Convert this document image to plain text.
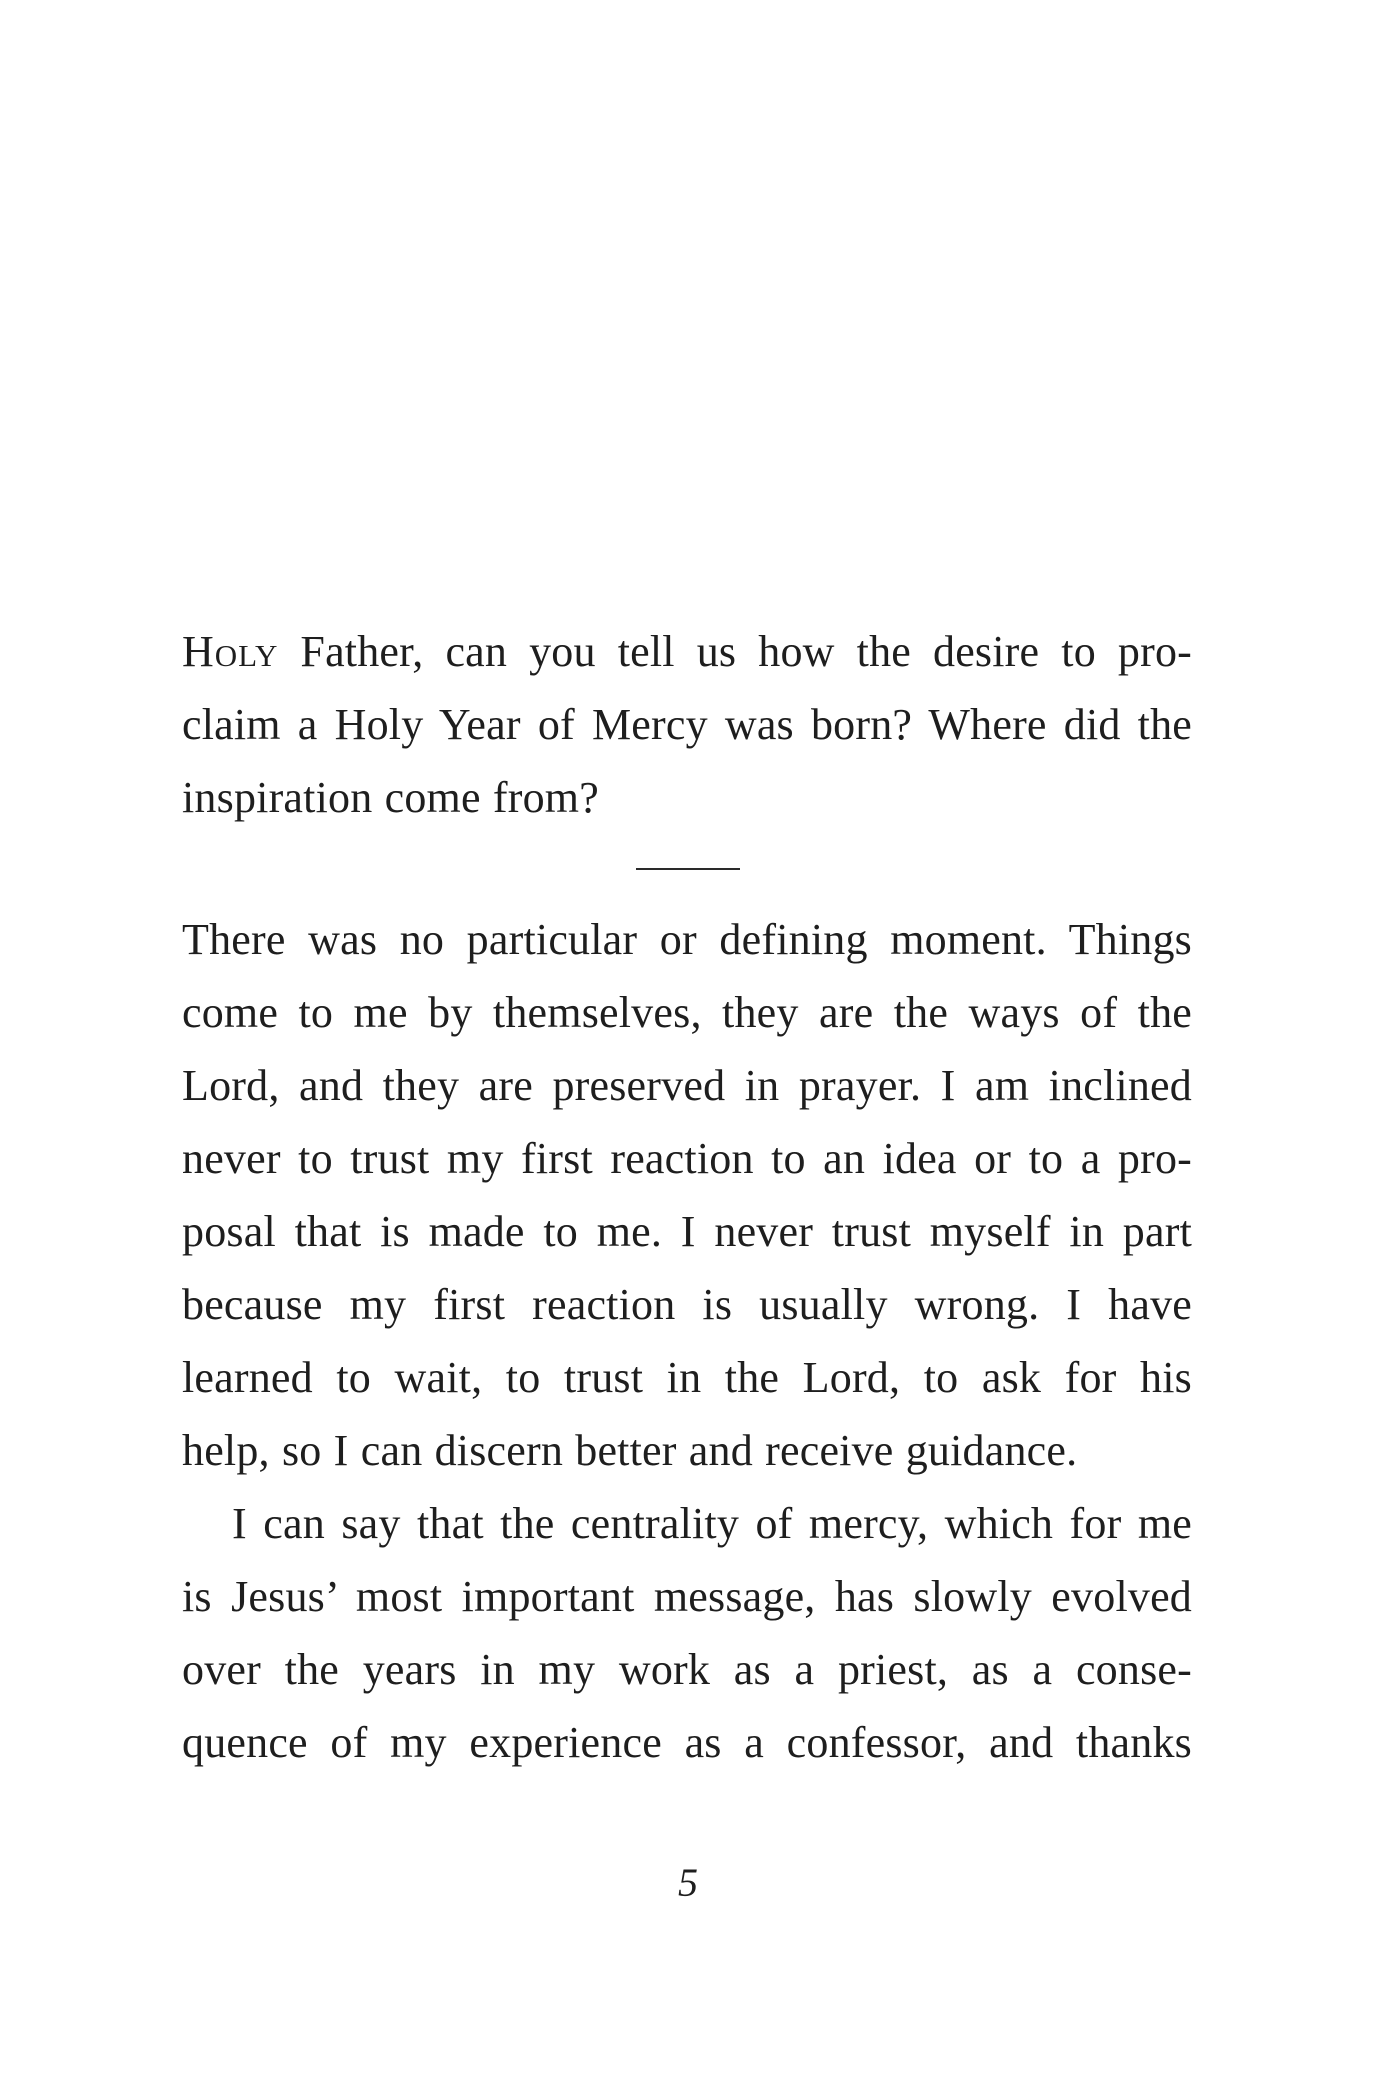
Holy Father, can you tell us how the desire to pro-
claim a Holy Year of Mercy was born? Where did the
inspiration come from?
There was no particular or defining moment. Things
come to me by themselves, they are the ways of the
Lord, and they are preserved in prayer. I am inclined
never to trust my first reaction to an idea or to a pro-
posal that is made to me. I never trust myself in part
because my first reaction is usually wrong. I have
learned to wait, to trust in the Lord, to ask for his
help, so I can discern better and receive guidance.
I can say that the centrality of mercy, which for me
is Jesus’ most important message, has slowly evolved
over the years in my work as a priest, as a conse-
quence of my experience as a confessor, and thanks
5
